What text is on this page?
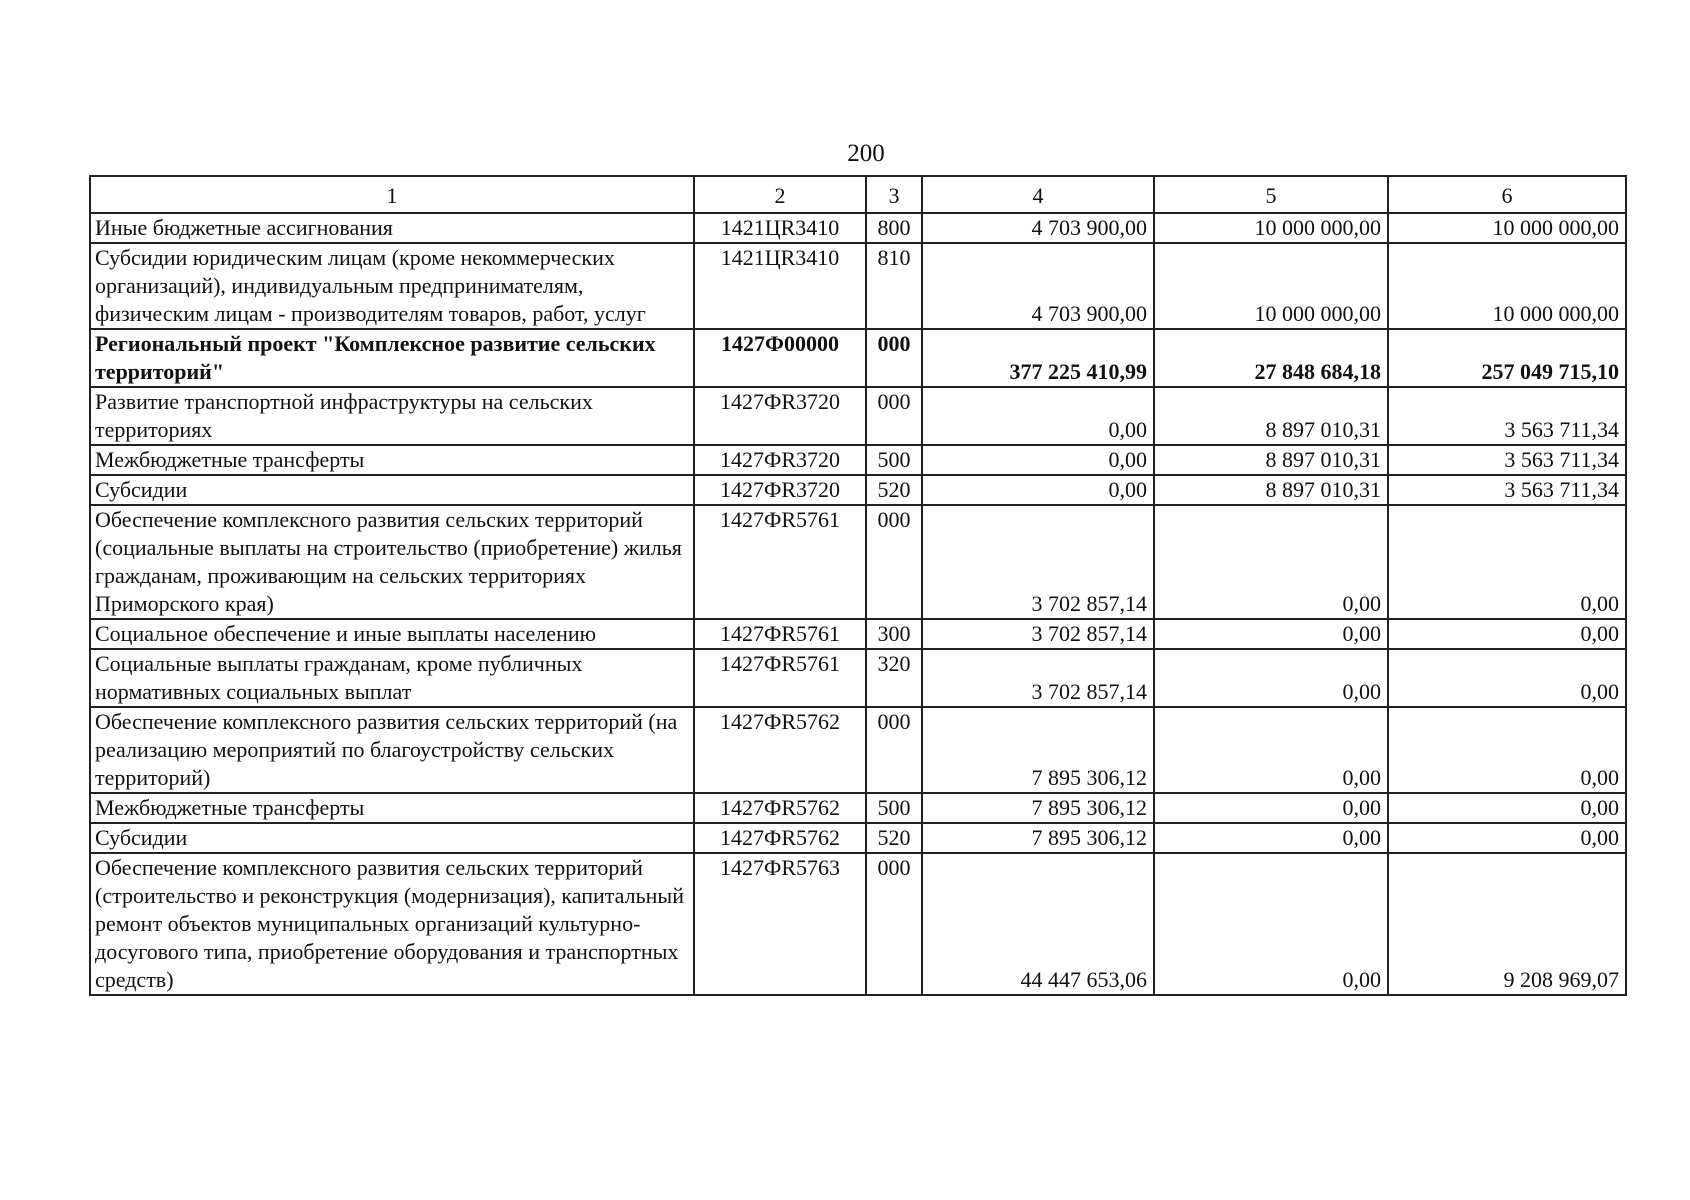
200
1	2	3	4	5	6
Иные бюджетные ассигнования	1421ЦR3410	800	4 703 900,00	10 000 000,00	10 000 000,00
Субсидии юридическим лицам (кроме некоммерческих организаций), индивидуальным предпринимателям, физическим лицам - производителям товаров, работ, услуг	1421ЦR3410	810	4 703 900,00	10 000 000,00	10 000 000,00
Региональный проект "Комплексное развитие сельских территорий"	1427Ф00000	000	377 225 410,99	27 848 684,18	257 049 715,10
Развитие транспортной инфраструктуры на сельских территориях	1427ФR3720	000	0,00	8 897 010,31	3 563 711,34
Межбюджетные трансферты	1427ФR3720	500	0,00	8 897 010,31	3 563 711,34
Субсидии	1427ФR3720	520	0,00	8 897 010,31	3 563 711,34
Обеспечение комплексного развития сельских территорий (социальные выплаты на строительство (приобретение) жилья гражданам, проживающим на сельских территориях Приморского края)	1427ФR5761	000	3 702 857,14	0,00	0,00
Социальное обеспечение и иные выплаты населению	1427ФR5761	300	3 702 857,14	0,00	0,00
Социальные выплаты гражданам, кроме публичных нормативных социальных выплат	1427ФR5761	320	3 702 857,14	0,00	0,00
Обеспечение комплексного развития сельских территорий (на реализацию мероприятий по благоустройству сельских территорий)	1427ФR5762	000	7 895 306,12	0,00	0,00
Межбюджетные трансферты	1427ФR5762	500	7 895 306,12	0,00	0,00
Субсидии	1427ФR5762	520	7 895 306,12	0,00	0,00
Обеспечение комплексного развития сельских территорий (строительство и реконструкция (модернизация), капитальный ремонт объектов муниципальных организаций культурно-досугового типа, приобретение оборудования и транспортных средств)	1427ФR5763	000	44 447 653,06	0,00	9 208 969,07
